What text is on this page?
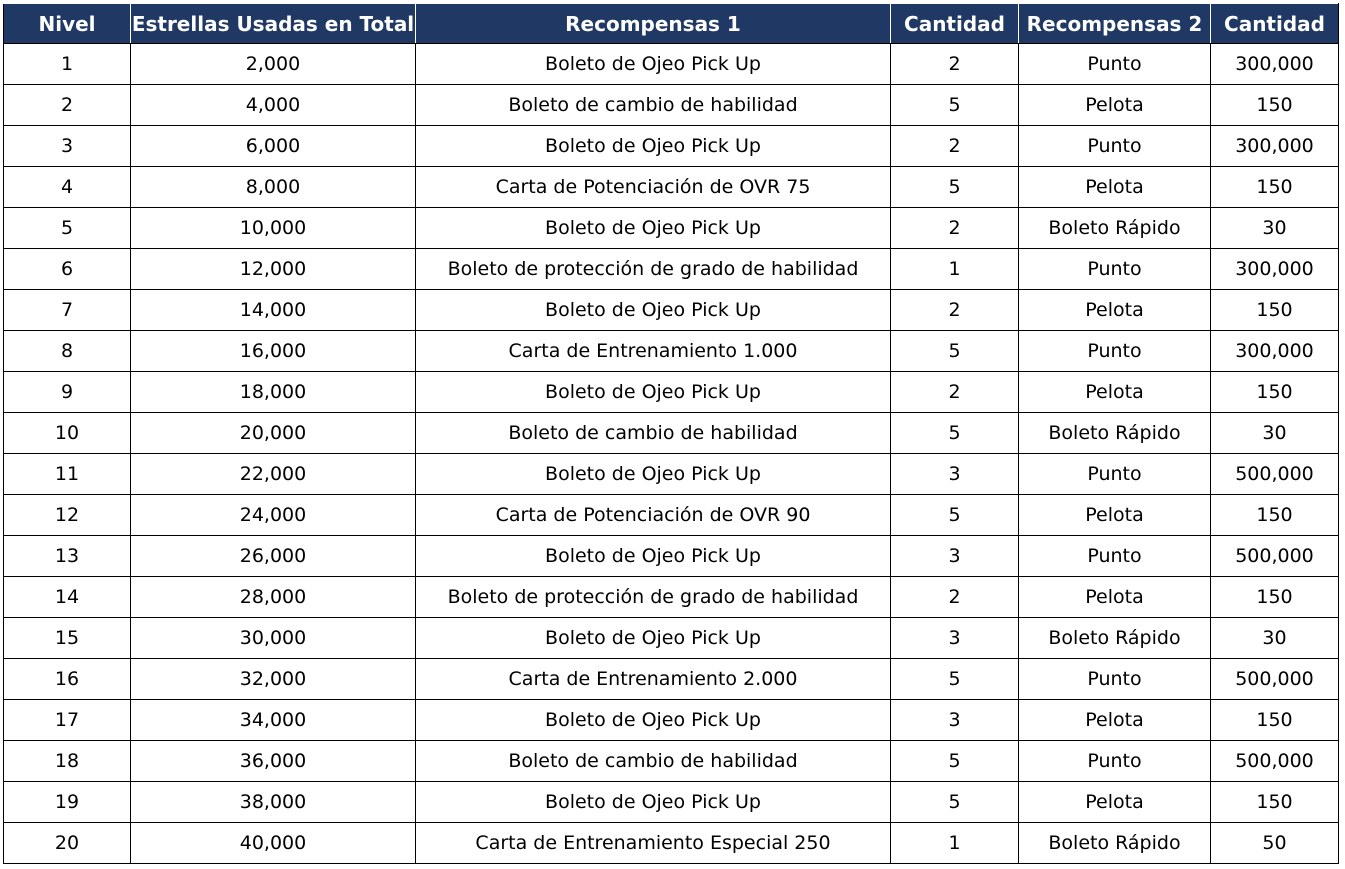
Nivel	Estrellas Usadas en Total	Recompensas 1	Cantidad	Recompensas 2	Cantidad
1	2,000	Boleto de Ojeo Pick Up	2	Punto	300,000
2	4,000	Boleto de cambio de habilidad	5	Pelota	150
3	6,000	Boleto de Ojeo Pick Up	2	Punto	300,000
4	8,000	Carta de Potenciación de OVR 75	5	Pelota	150
5	10,000	Boleto de Ojeo Pick Up	2	Boleto Rápido	30
6	12,000	Boleto de protección de grado de habilidad	1	Punto	300,000
7	14,000	Boleto de Ojeo Pick Up	2	Pelota	150
8	16,000	Carta de Entrenamiento 1.000	5	Punto	300,000
9	18,000	Boleto de Ojeo Pick Up	2	Pelota	150
10	20,000	Boleto de cambio de habilidad	5	Boleto Rápido	30
11	22,000	Boleto de Ojeo Pick Up	3	Punto	500,000
12	24,000	Carta de Potenciación de OVR 90	5	Pelota	150
13	26,000	Boleto de Ojeo Pick Up	3	Punto	500,000
14	28,000	Boleto de protección de grado de habilidad	2	Pelota	150
15	30,000	Boleto de Ojeo Pick Up	3	Boleto Rápido	30
16	32,000	Carta de Entrenamiento 2.000	5	Punto	500,000
17	34,000	Boleto de Ojeo Pick Up	3	Pelota	150
18	36,000	Boleto de cambio de habilidad	5	Punto	500,000
19	38,000	Boleto de Ojeo Pick Up	5	Pelota	150
20	40,000	Carta de Entrenamiento Especial 250	1	Boleto Rápido	50
